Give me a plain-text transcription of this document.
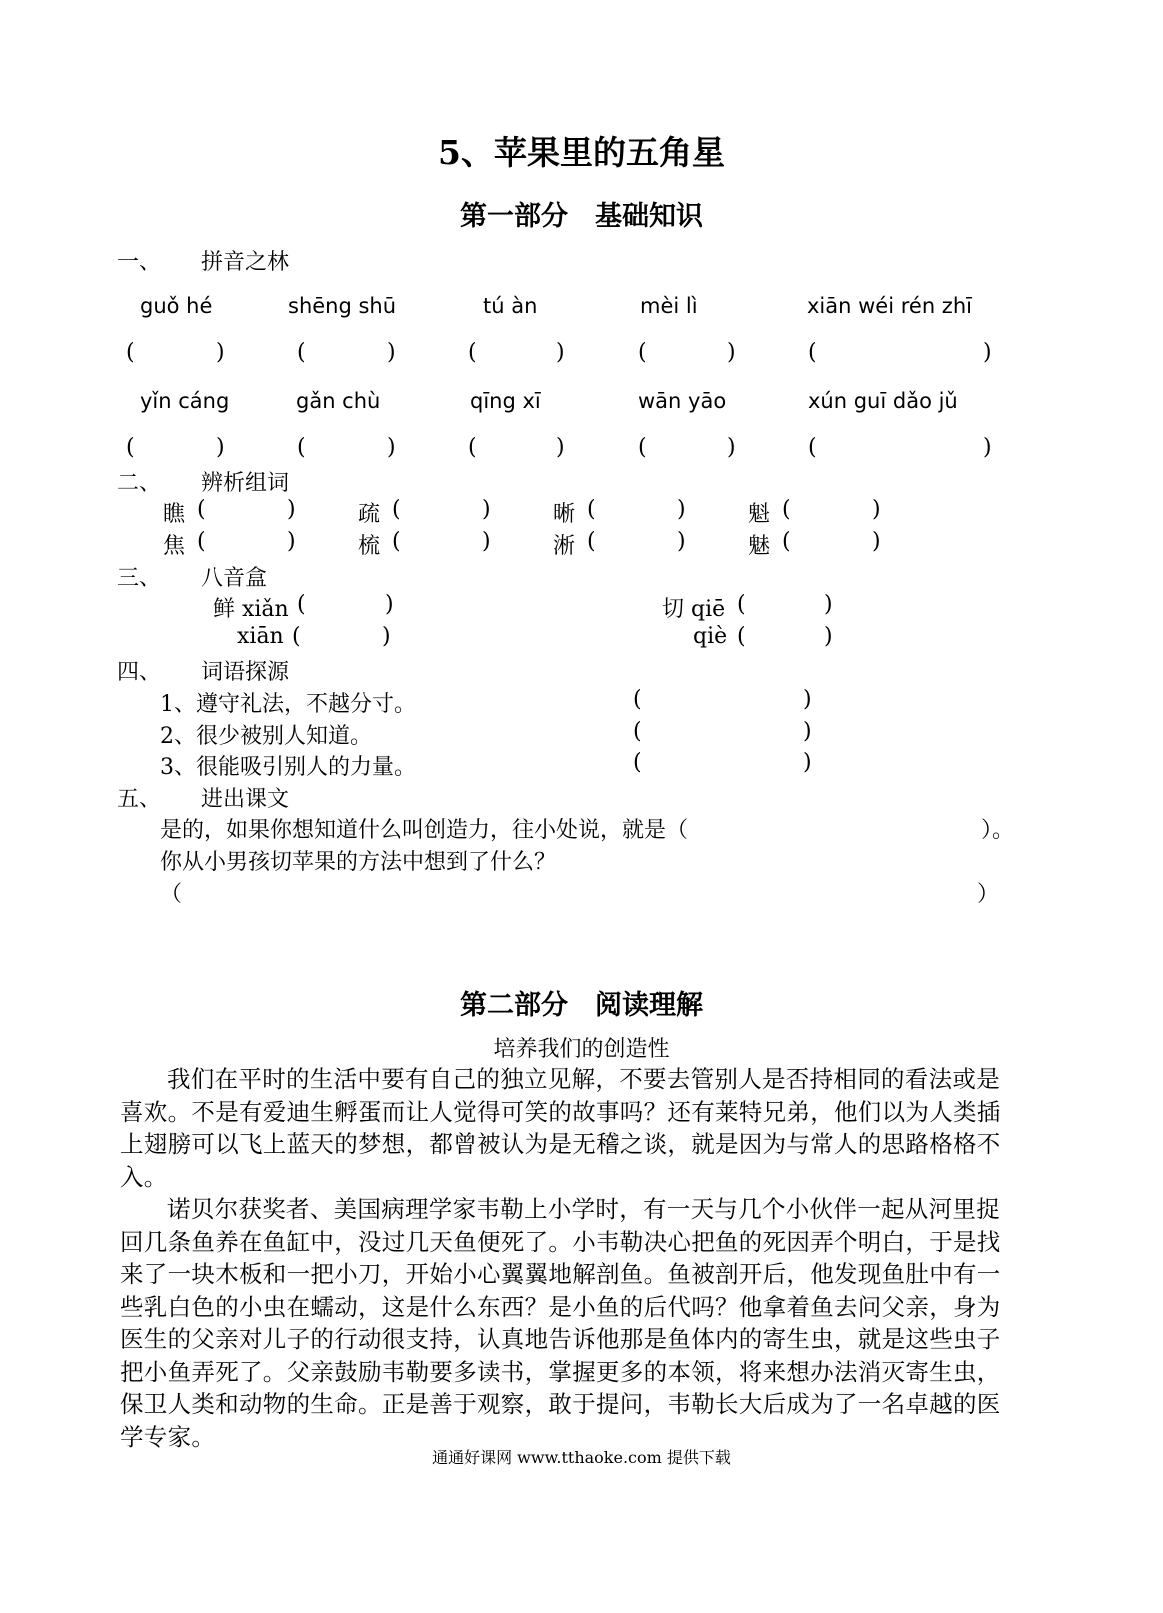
5、苹果里的五角星
第一部分　基础知识
一、 拼音之林
guǒ hé	shēng shū	tú àn	mèi lì	xiān wéi rén zhī
(	)	(	)	(	)	(	)	(	)
yǐn cáng	gǎn chù	qīng xī	wān yāo	xún guī dǎo jǔ
(	)	(	)	(	)	(	)	(	)
二、 辨析组词
瞧 (	)	疏 (	)	晰 (	)	魁 (	)
焦 (	)	梳 (	)	淅 (	)	魅 (	)
三、 八音盒
鲜 xiǎn (	)	切 qiē (	)
xiān (	)	qiè (	)
四、 词语探源
1、遵守礼法，不越分寸。	(	)
2、很少被别人知道。	(	)
3、很能吸引别人的力量。	(	)
五、 进出课文
是的，如果你想知道什么叫创造力，往小处说，就是（	）。
你从小男孩切苹果的方法中想到了什么？
（	）
第二部分　阅读理解
培养我们的创造性

我们在平时的生活中要有自己的独立见解，不要去管别人是否持相同的看法或是喜欢。不是有爱迪生孵蛋而让人觉得可笑的故事吗？还有莱特兄弟，他们以为人类插上翅膀可以飞上蓝天的梦想，都曾被认为是无稽之谈，就是因为与常人的思路格格不入。

诺贝尔获奖者、美国病理学家韦勒上小学时，有一天与几个小伙伴一起从河里捉回几条鱼养在鱼缸中，没过几天鱼便死了。小韦勒决心把鱼的死因弄个明白，于是找来了一块木板和一把小刀，开始小心翼翼地解剖鱼。鱼被剖开后，他发现鱼肚中有一些乳白色的小虫在蠕动，这是什么东西？是小鱼的后代吗？他拿着鱼去问父亲，身为医生的父亲对儿子的行动很支持，认真地告诉他那是鱼体内的寄生虫，就是这些虫子把小鱼弄死了。父亲鼓励韦勒要多读书，掌握更多的本领，将来想办法消灭寄生虫，保卫人类和动物的生命。正是善于观察，敢于提问，韦勒长大后成为了一名卓越的医学专家。

通通好课网 www.tthaoke.com 提供下载
